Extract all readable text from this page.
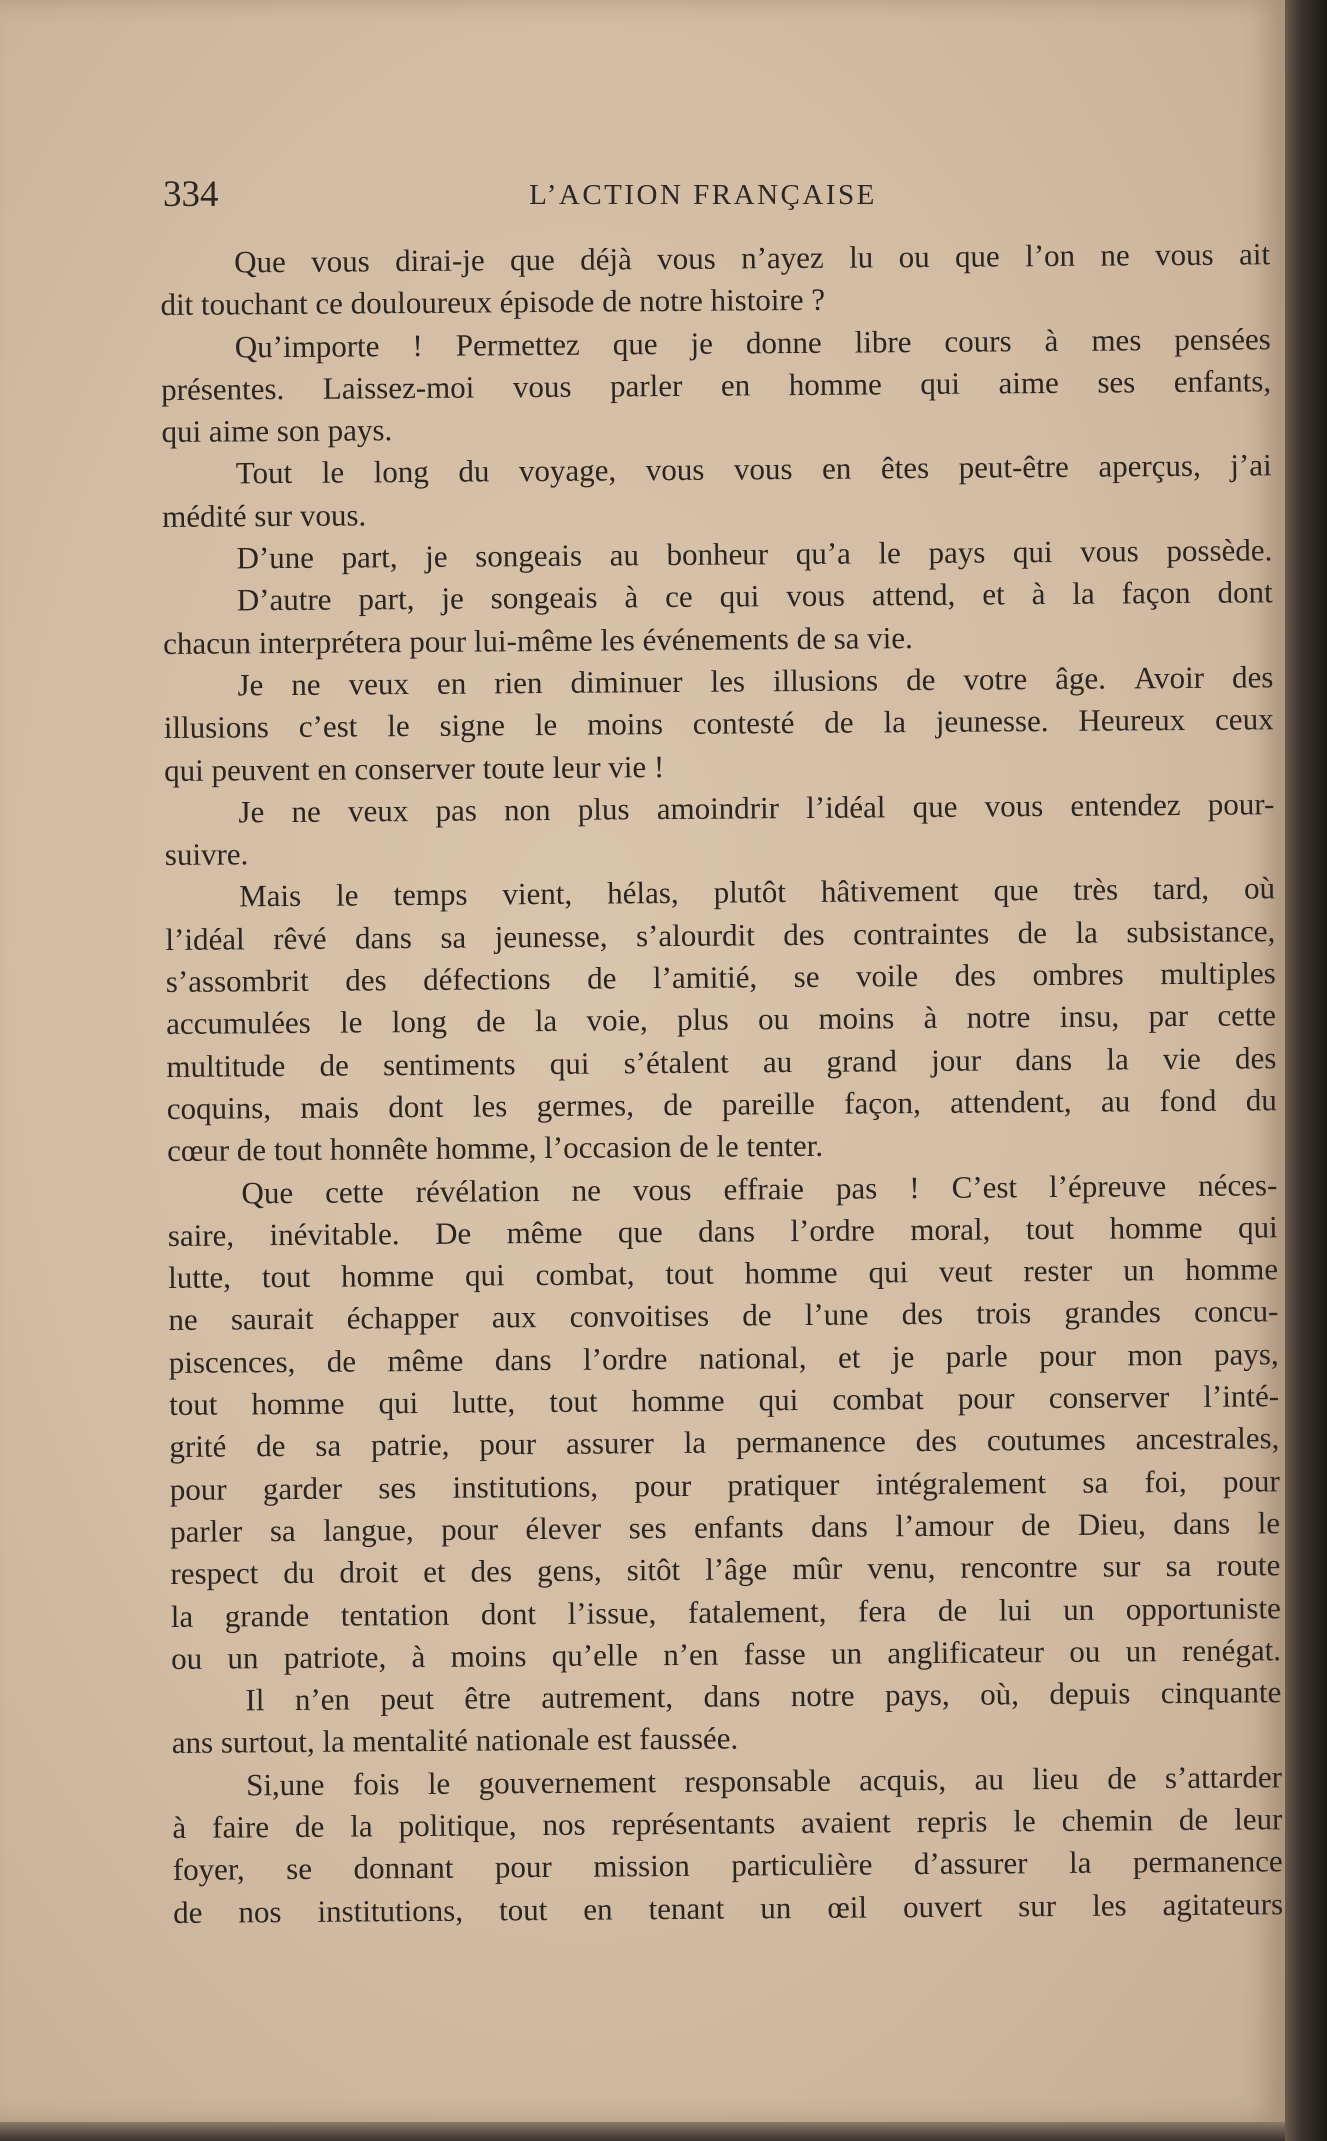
334	L’ACTION FRANÇAISE
Que vous dirai-je que déjà vous n’ayez lu ou que l’on ne vous ait
dit touchant ce douloureux épisode de notre histoire ?
Qu’importe ! Permettez que je donne libre cours à mes pensées
présentes. Laissez-moi vous parler en homme qui aime ses enfants,
qui aime son pays.
Tout le long du voyage, vous vous en êtes peut-être aperçus, j’ai
médité sur vous.
D’une part, je songeais au bonheur qu’a le pays qui vous possède.
D’autre part, je songeais à ce qui vous attend, et à la façon dont
chacun interprétera pour lui-même les événements de sa vie.
Je ne veux en rien diminuer les illusions de votre âge. Avoir des
illusions c’est le signe le moins contesté de la jeunesse. Heureux ceux
qui peuvent en conserver toute leur vie !
Je ne veux pas non plus amoindrir l’idéal que vous entendez pour-
suivre.
Mais le temps vient, hélas, plutôt hâtivement que très tard, où
l’idéal rêvé dans sa jeunesse, s’alourdit des contraintes de la subsistance,
s’assombrit des défections de l’amitié, se voile des ombres multiples
accumulées le long de la voie, plus ou moins à notre insu, par cette
multitude de sentiments qui s’étalent au grand jour dans la vie des
coquins, mais dont les germes, de pareille façon, attendent, au fond du
cœur de tout honnête homme, l’occasion de le tenter.
Que cette révélation ne vous effraie pas ! C’est l’épreuve néces-
saire, inévitable. De même que dans l’ordre moral, tout homme qui
lutte, tout homme qui combat, tout homme qui veut rester un homme
ne saurait échapper aux convoitises de l’une des trois grandes concu-
piscences, de même dans l’ordre national, et je parle pour mon pays,
tout homme qui lutte, tout homme qui combat pour conserver l’inté-
grité de sa patrie, pour assurer la permanence des coutumes ancestrales,
pour garder ses institutions, pour pratiquer intégralement sa foi, pour
parler sa langue, pour élever ses enfants dans l’amour de Dieu, dans le
respect du droit et des gens, sitôt l’âge mûr venu, rencontre sur sa route
la grande tentation dont l’issue, fatalement, fera de lui un opportuniste
ou un patriote, à moins qu’elle n’en fasse un anglificateur ou un renégat.
Il n’en peut être autrement, dans notre pays, où, depuis cinquante
ans surtout, la mentalité nationale est faussée.
Si,une fois le gouvernement responsable acquis, au lieu de s’attarder
à faire de la politique, nos représentants avaient repris le chemin de leur
foyer, se donnant pour mission particulière d’assurer la permanence
de nos institutions, tout en tenant un œil ouvert sur les agitateurs
